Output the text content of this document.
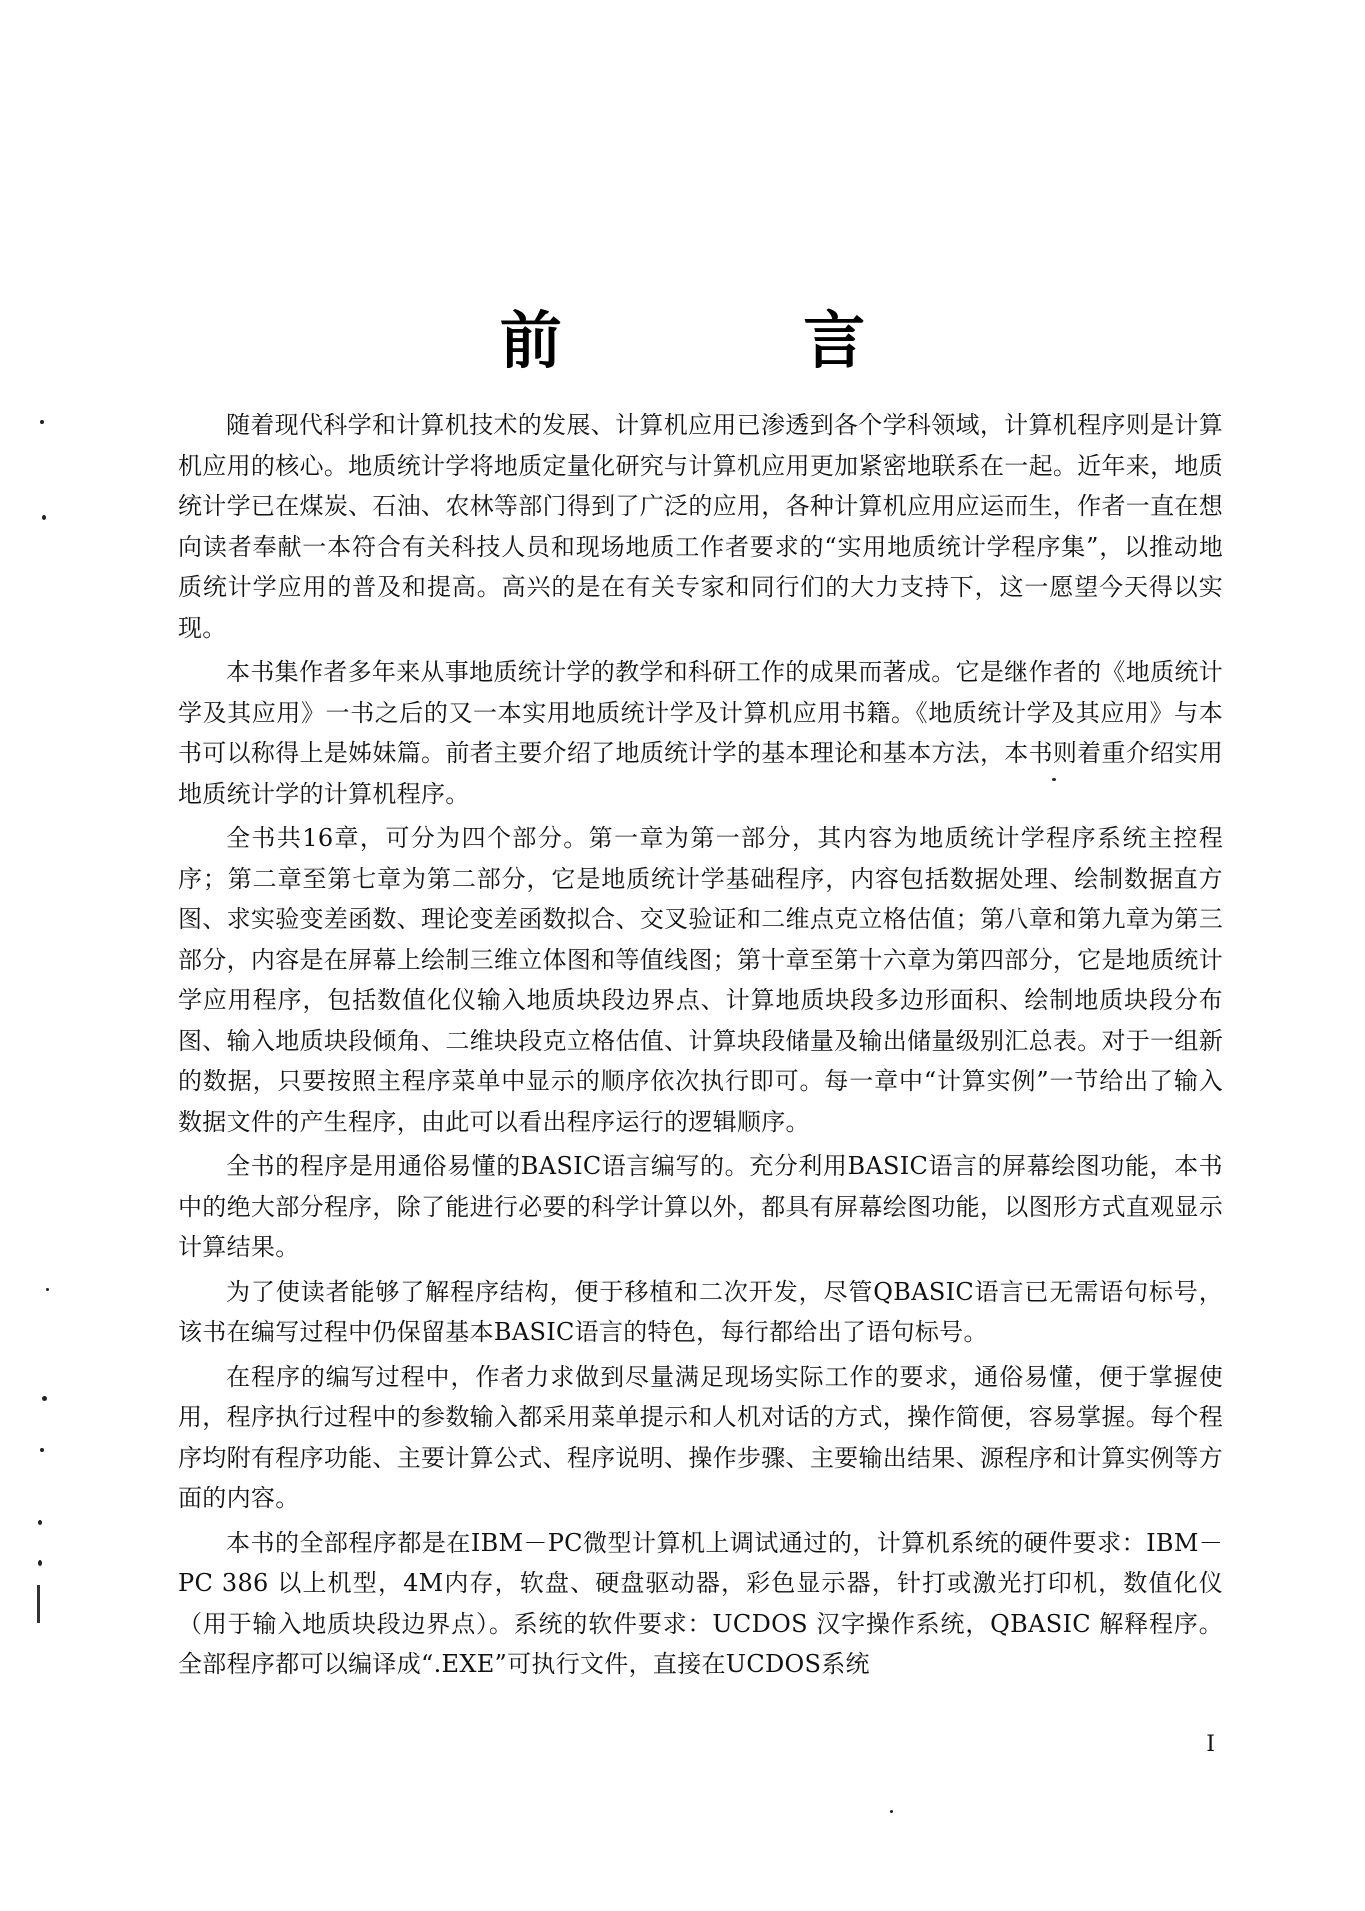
前 言

随着现代科学和计算机技术的发展、计算机应用已渗透到各个学科领域，计算机程序则是计算机应用的核心。地质统计学将地质定量化研究与计算机应用更加紧密地联系在一起。近年来，地质统计学已在煤炭、石油、农林等部门得到了广泛的应用，各种计算机应用应运而生，作者一直在想向读者奉献一本符合有关科技人员和现场地质工作者要求的“实用地质统计学程序集”，以推动地质统计学应用的普及和提高。高兴的是在有关专家和同行们的大力支持下，这一愿望今天得以实现。

本书集作者多年来从事地质统计学的教学和科研工作的成果而著成。它是继作者的《地质统计学及其应用》一书之后的又一本实用地质统计学及计算机应用书籍。《地质统计学及其应用》与本书可以称得上是姊妹篇。前者主要介绍了地质统计学的基本理论和基本方法，本书则着重介绍实用地质统计学的计算机程序。

全书共16章，可分为四个部分。第一章为第一部分，其内容为地质统计学程序系统主控程序；第二章至第七章为第二部分，它是地质统计学基础程序，内容包括数据处理、绘制数据直方图、求实验变差函数、理论变差函数拟合、交叉验证和二维点克立格估值；第八章和第九章为第三部分，内容是在屏幕上绘制三维立体图和等值线图；第十章至第十六章为第四部分，它是地质统计学应用程序，包括数值化仪输入地质块段边界点、计算地质块段多边形面积、绘制地质块段分布图、输入地质块段倾角、二维块段克立格估值、计算块段储量及输出储量级别汇总表。对于一组新的数据，只要按照主程序菜单中显示的顺序依次执行即可。每一章中“计算实例”一节给出了输入数据文件的产生程序，由此可以看出程序运行的逻辑顺序。

全书的程序是用通俗易懂的BASIC语言编写的。充分利用BASIC语言的屏幕绘图功能，本书中的绝大部分程序，除了能进行必要的科学计算以外，都具有屏幕绘图功能，以图形方式直观显示计算结果。

为了使读者能够了解程序结构，便于移植和二次开发，尽管QBASIC语言已无需语句标号，该书在编写过程中仍保留基本BASIC语言的特色，每行都给出了语句标号。

在程序的编写过程中，作者力求做到尽量满足现场实际工作的要求，通俗易懂，便于掌握使用，程序执行过程中的参数输入都采用菜单提示和人机对话的方式，操作简便，容易掌握。每个程序均附有程序功能、主要计算公式、程序说明、操作步骤、主要输出结果、源程序和计算实例等方面的内容。

本书的全部程序都是在IBM－PC微型计算机上调试通过的，计算机系统的硬件要求：IBM－PC 386 以上机型，4M内存，软盘、硬盘驱动器，彩色显示器，针打或激光打印机，数值化仪（用于输入地质块段边界点）。系统的软件要求：UCDOS 汉字操作系统，QBASIC 解释程序。全部程序都可以编译成“.EXE”可执行文件，直接在UCDOS系统

I
